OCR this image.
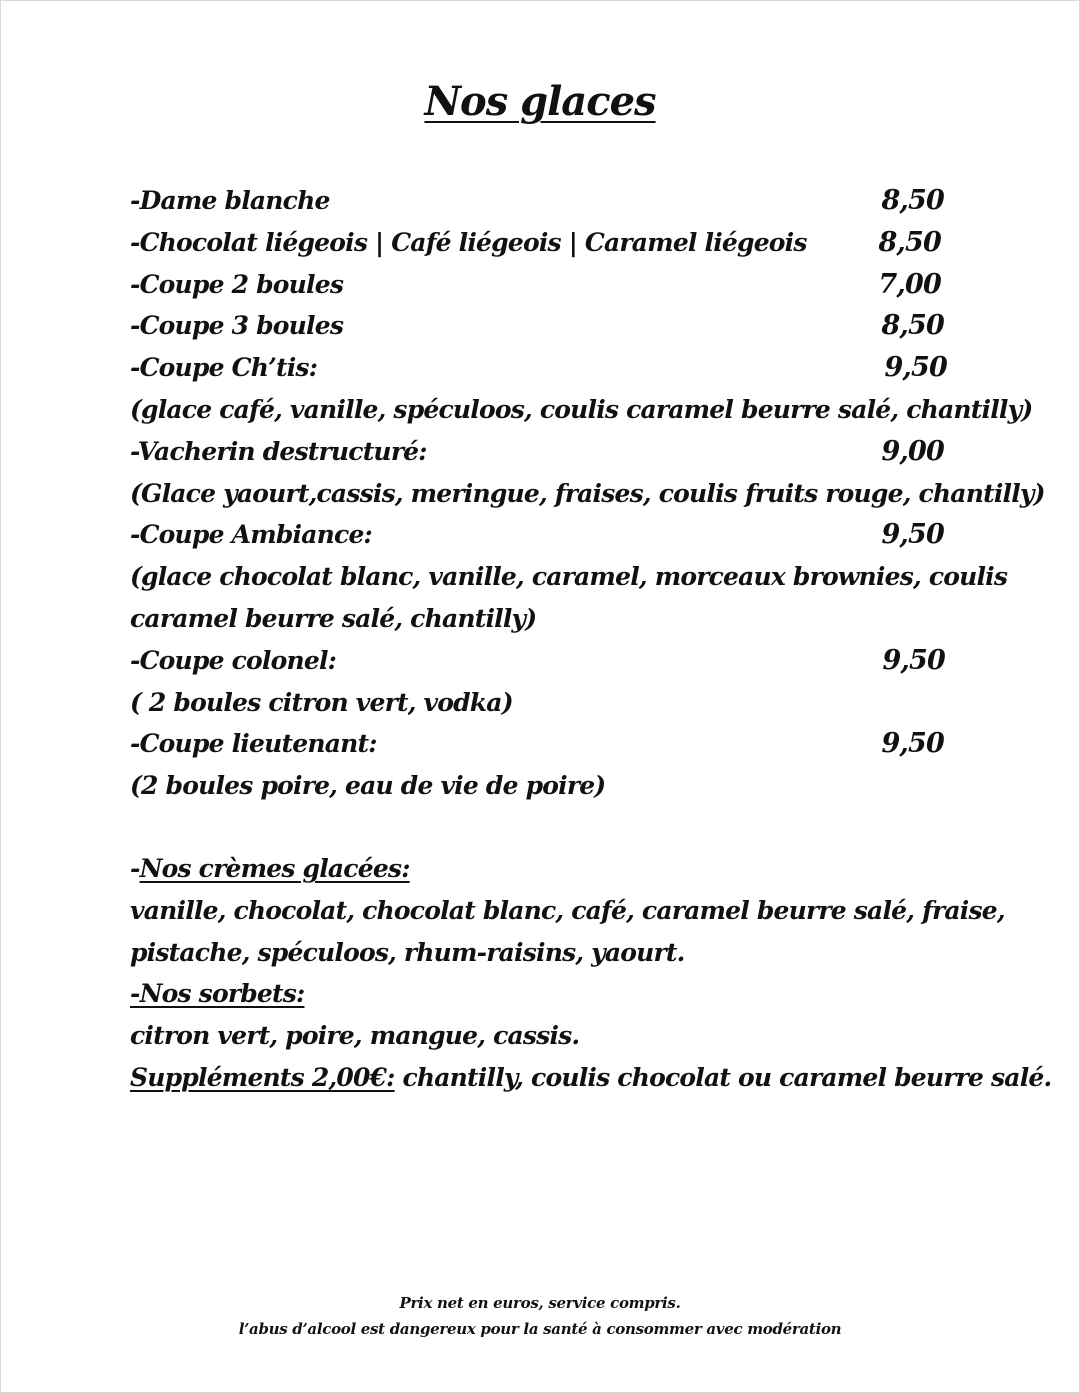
Nos glaces
-Dame blanche	8,50
-Chocolat liégeois | Café liégeois | Caramel liégeois	8,50
-Coupe 2 boules	7,00
-Coupe 3 boules	8,50
-Coupe Ch’tis:	9,50
(glace café, vanille, spéculoos, coulis caramel beurre salé, chantilly)
-Vacherin destructuré:	9,00
(Glace yaourt,cassis, meringue, fraises, coulis fruits rouge, chantilly)
-Coupe Ambiance:	9,50
(glace chocolat blanc, vanille, caramel, morceaux brownies, coulis
caramel beurre salé, chantilly)
-Coupe colonel:	9,50
( 2 boules citron vert, vodka)
-Coupe lieutenant:	9,50
(2 boules poire, eau de vie de poire)
-Nos crèmes glacées:
vanille, chocolat, chocolat blanc, café, caramel beurre salé, fraise,
pistache, spéculoos, rhum-raisins, yaourt.
-Nos sorbets:
citron vert, poire, mangue, cassis.
Suppléments 2,00€: chantilly, coulis chocolat ou caramel beurre salé.
Prix net en euros, service compris.
l’abus d’alcool est dangereux pour la santé à consommer avec modération
